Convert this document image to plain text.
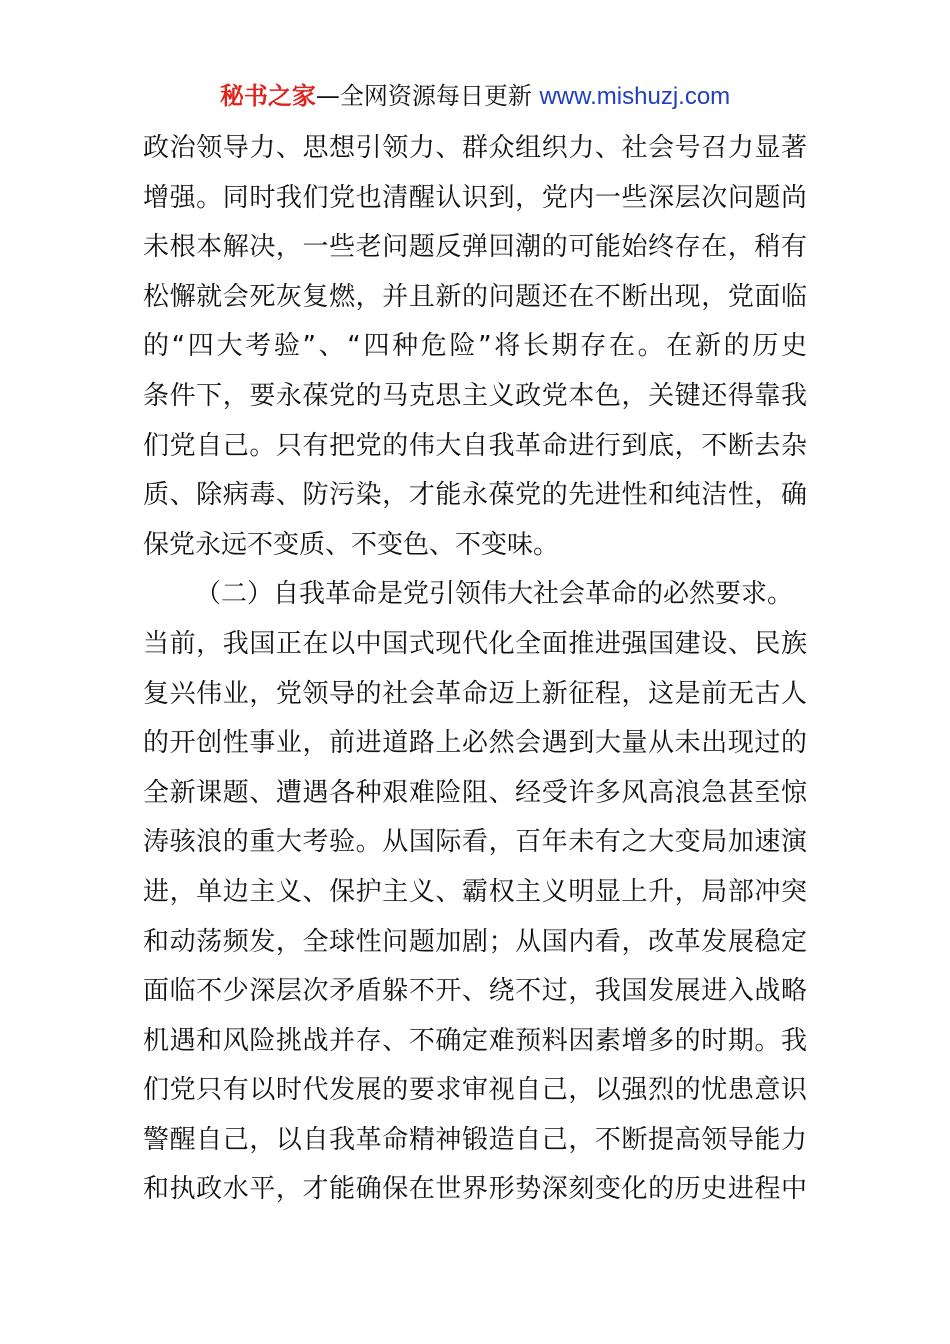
秘书之家—全网资源每日更新 www.mishuzj.com
政治领导力、思想引领力、群众组织力、社会号召力显著
增强。同时我们党也清醒认识到，党内一些深层次问题尚
未根本解决，一些老问题反弹回潮的可能始终存在，稍有
松懈就会死灰复燃，并且新的问题还在不断出现，党面临
的“四大考验”、“四种危险”将长期存在。在新的历史
条件下，要永葆党的马克思主义政党本色，关键还得靠我
们党自己。只有把党的伟大自我革命进行到底，不断去杂
质、除病毒、防污染，才能永葆党的先进性和纯洁性，确
保党永远不变质、不变色、不变味。
（二）自我革命是党引领伟大社会革命的必然要求。
当前，我国正在以中国式现代化全面推进强国建设、民族
复兴伟业，党领导的社会革命迈上新征程，这是前无古人
的开创性事业，前进道路上必然会遇到大量从未出现过的
全新课题、遭遇各种艰难险阻、经受许多风高浪急甚至惊
涛骇浪的重大考验。从国际看，百年未有之大变局加速演
进，单边主义、保护主义、霸权主义明显上升，局部冲突
和动荡频发，全球性问题加剧；从国内看，改革发展稳定
面临不少深层次矛盾躲不开、绕不过，我国发展进入战略
机遇和风险挑战并存、不确定难预料因素增多的时期。我
们党只有以时代发展的要求审视自己，以强烈的忧患意识
警醒自己，以自我革命精神锻造自己，不断提高领导能力
和执政水平，才能确保在世界形势深刻变化的历史进程中
